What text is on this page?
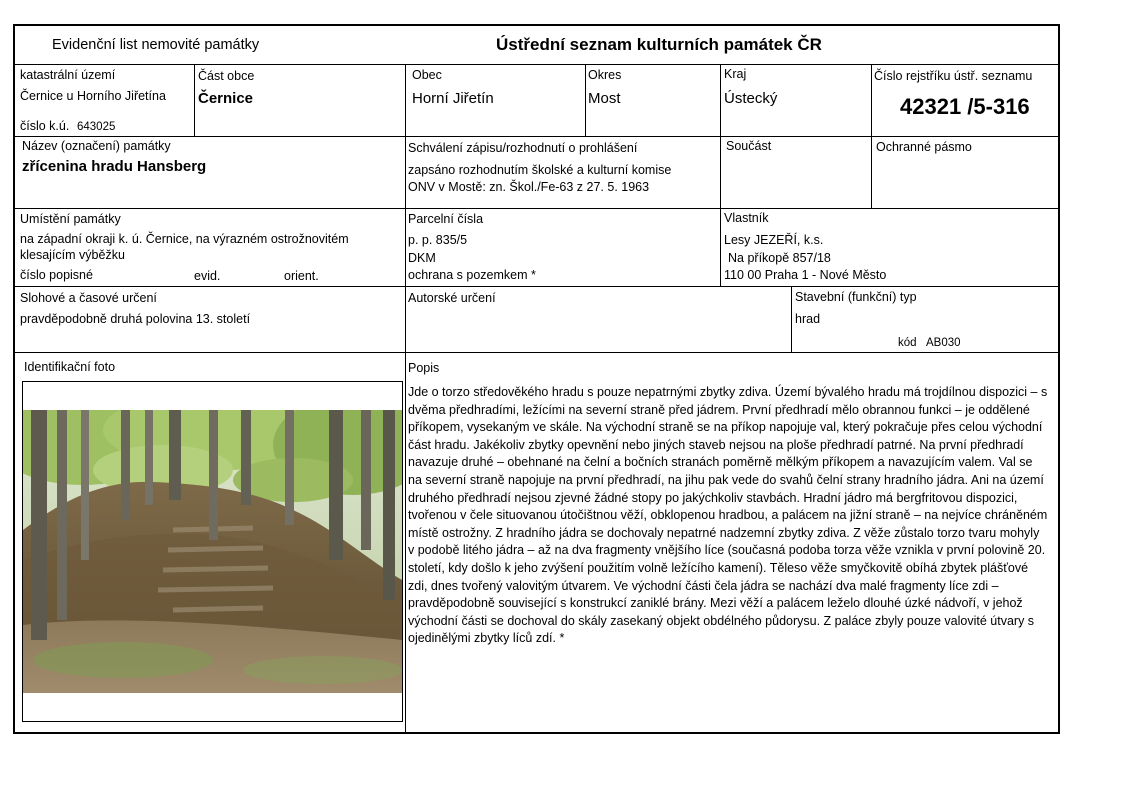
Evidenční list nemovité památky	Ústřední seznam kulturních památek ČR
katastrální území
Černice u Horního Jiřetína
číslo k.ú. 643025
Část obce
Černice
Obec
Horní Jiřetín
Okres
Most
Kraj
Ústecký
Číslo rejstříku ústř. seznamu
42321 /5-316
Název (označení) památky
zřícenina hradu Hansberg
Schválení zápisu/rozhodnutí o prohlášení
zapsáno rozhodnutím školské a kulturní komise
ONV v Mostě: zn. Škol./Fe-63 z 27. 5. 1963
Součást	Ochranné pásmo
Umístění památky
na západní okraji k. ú. Černice, na výrazném ostrožnovitém
klesajícím výběžku
číslo popisné	evid.	orient.
Parcelní čísla
p. p. 835/5
DKM
ochrana s pozemkem *
Vlastník
Lesy JEZEŘÍ, k.s.
Na příkopě 857/18
110 00 Praha 1 - Nové Město
Slohové a časové určení
pravděpodobně druhá polovina 13. století
Autorské určení	Stavební (funkční) typ
hrad
kód AB030
Identifikační foto	Popis
Jde o torzo středověkého hradu s pouze nepatrnými zbytky zdiva. Území bývalého hradu má trojdílnou dispozici – s dvěma předhradími, ležícími na severní straně před jádrem. První předhradí mělo obrannou funkci – je oddělené příkopem, vysekaným ve skále. Na východní straně se na příkop napojuje val, který pokračuje přes celou východní část hradu. Jakékoliv zbytky opevnění nebo jiných staveb nejsou na ploše předhradí patrné. Na první předhradí navazuje druhé – obehnané na čelní a bočních stranách poměrně mělkým příkopem a navazujícím valem. Val se na severní straně napojuje na první předhradí, na jihu pak vede do svahů čelní strany hradního jádra. Ani na území druhého předhradí nejsou zjevné žádné stopy po jakýchkoliv stavbách. Hradní jádro má bergfritovou dispozici, tvořenou v čele situovanou útočištnou věží, obklopenou hradbou, a palácem na jižní straně – na nejvíce chráněném místě ostrožny. Z hradního jádra se dochovaly nepatrné nadzemní zbytky zdiva. Z věže zůstalo torzo tvaru mohyly v podobě litého jádra – až na dva fragmenty vnějšího líce (současná podoba torza věže vznikla v první polovině 20. století, kdy došlo k jeho zvýšení použitím volně ležícího kamení). Těleso věže smyčkovitě obíhá zbytek plášťové zdi, dnes tvořený valovitým útvarem. Ve východní části čela jádra se nachází dva malé fragmenty líce zdi – pravděpodobně související s konstrukcí zaniklé brány. Mezi věží a palácem leželo dlouhé úzké nádvoří, v jehož východní části se dochoval do skály zasekaný objekt obdélného půdorysu. Z paláce zbyly pouze valovité útvary s ojedinělými zbytky líců zdí. *
